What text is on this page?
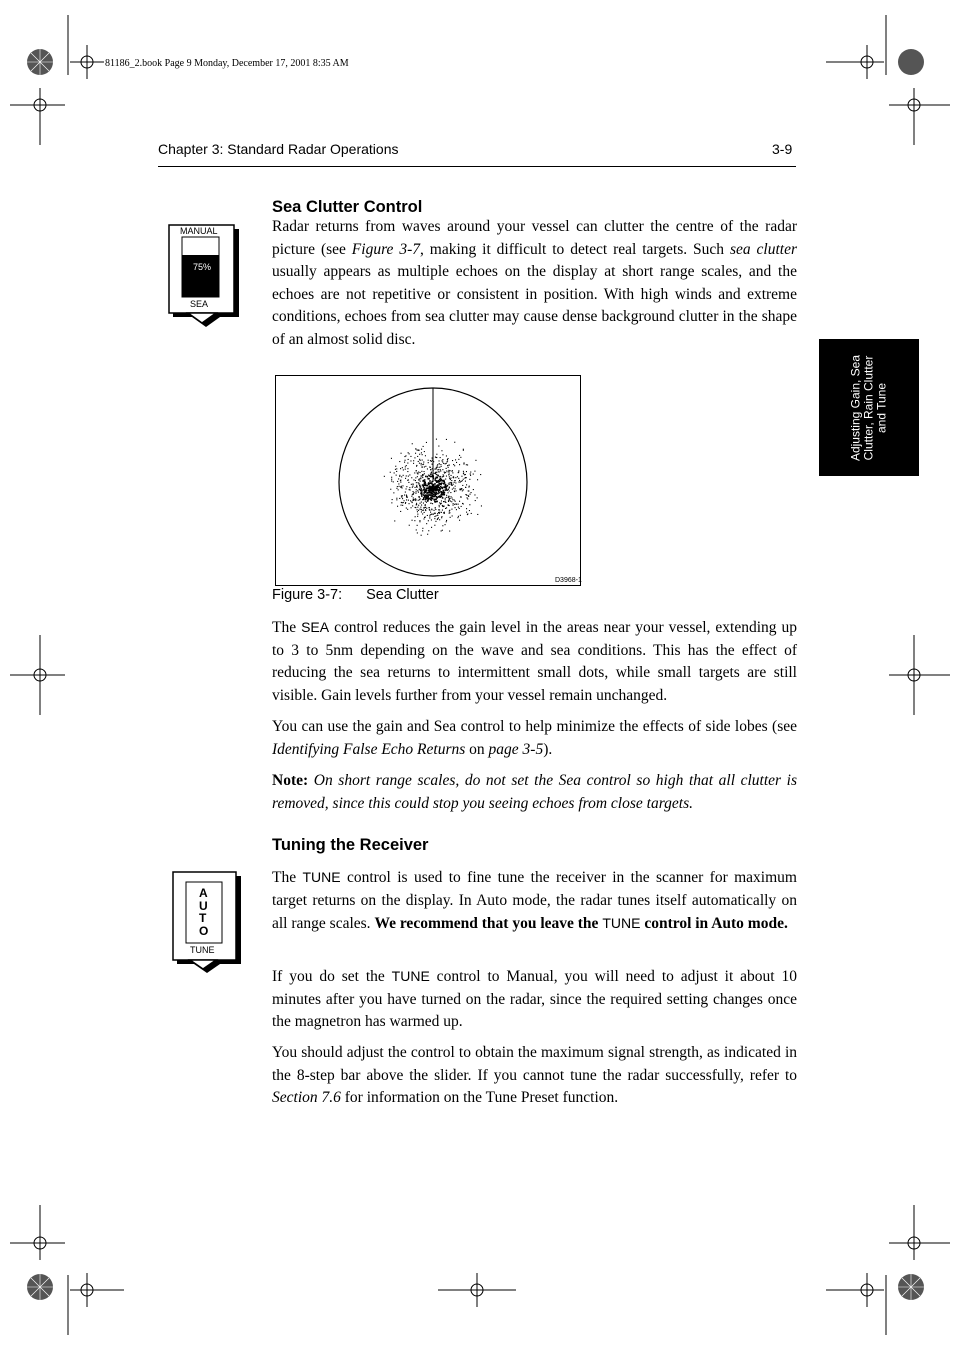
81186_2.book Page 9 Monday, December 17, 2001 8:35 AM
Chapter 3: Standard Radar Operations	3-9
Adjusting Gain, Sea
Clutter, Rain Clutter
and Tune
MANUAL
75%
SEA
Sea Clutter Control
Radar returns from waves around your vessel can clutter the centre of the radar picture (see Figure 3-7, making it difficult to detect real targets. Such sea clutter usually appears as multiple echoes on the display at short range scales, and the echoes are not repetitive or consistent in position. With high winds and extreme conditions, echoes from sea clutter may cause dense background clutter in the shape of an almost solid disc.
D3968-1
Figure 3-7: Sea Clutter
The SEA control reduces the gain level in the areas near your vessel, extending up to 3 to 5nm depending on the wave and sea conditions. This has the effect of reducing the sea returns to intermittent small dots, while small targets are still visible. Gain levels further from your vessel remain unchanged.
You can use the gain and Sea control to help minimize the effects of side lobes (see Identifying False Echo Returns on page 3-5).
Note: On short range scales, do not set the Sea control so high that all clutter is removed, since this could stop you seeing echoes from close targets.
Tuning the Receiver
AUTO
TUNE
The TUNE control is used to fine tune the receiver in the scanner for maximum target returns on the display. In Auto mode, the radar tunes itself automatically on all range scales. We recommend that you leave the TUNE control in Auto mode.
If you do set the TUNE control to Manual, you will need to adjust it about 10 minutes after you have turned on the radar, since the required setting changes once the magnetron has warmed up.
You should adjust the control to obtain the maximum signal strength, as indicated in the 8-step bar above the slider. If you cannot tune the radar successfully, refer to Section 7.6 for information on the Tune Preset function.
